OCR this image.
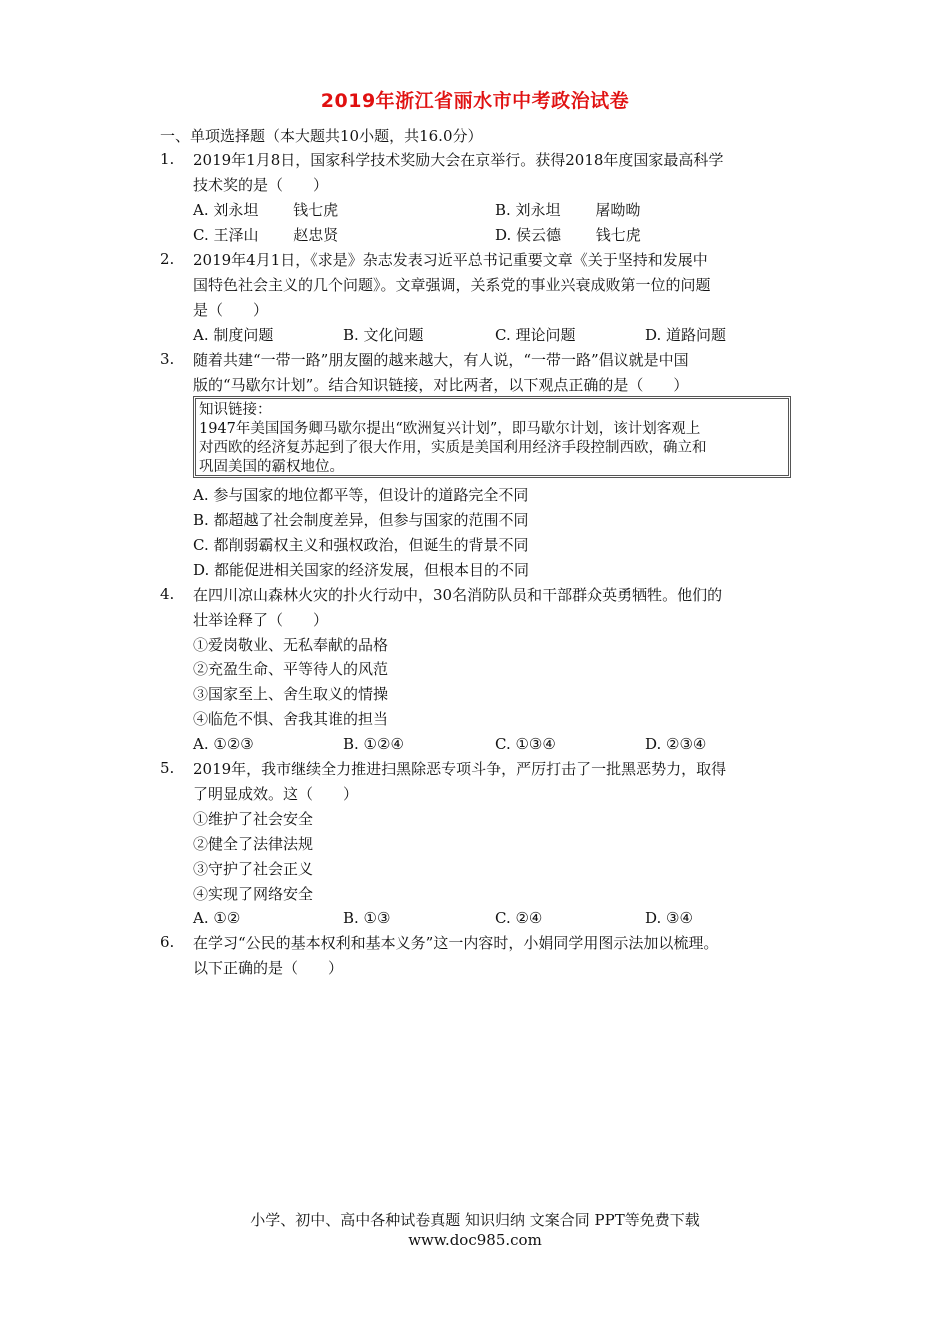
2019年浙江省丽水市中考政治试卷
一、单项选择题（本大题共10小题，共16.0分）
1. 2019年1月8日，国家科学技术奖励大会在京举行。获得2018年度国家最高科学
技术奖的是（　　）
A. 刘永坦　　 钱七虎	B. 刘永坦　　 屠呦呦
C. 王泽山　　 赵忠贤	D. 侯云德　　 钱七虎
2. 2019年4月1日，《求是》杂志发表习近平总书记重要文章《关于坚持和发展中
国特色社会主义的几个问题》。文章强调，关系党的事业兴衰成败第一位的问题
是（　　）
A. 制度问题	B. 文化问题	C. 理论问题	D. 道路问题
3. 随着共建“一带一路”朋友圈的越来越大，有人说，“一带一路”倡议就是中国
版的“马歇尔计划”。结合知识链接，对比两者，以下观点正确的是（　　）
知识链接：
1947年美国国务卿马歇尔提出“欧洲复兴计划”，即马歇尔计划，该计划客观上
对西欧的经济复苏起到了很大作用，实质是美国利用经济手段控制西欧，确立和
巩固美国的霸权地位。
A. 参与国家的地位都平等，但设计的道路完全不同
B. 都超越了社会制度差异，但参与国家的范围不同
C. 都削弱霸权主义和强权政治，但诞生的背景不同
D. 都能促进相关国家的经济发展，但根本目的不同
4. 在四川凉山森林火灾的扑火行动中，30名消防队员和干部群众英勇牺牲。他们的
壮举诠释了（　　）
①爱岗敬业、无私奉献的品格
②充盈生命、平等待人的风范
③国家至上、舍生取义的情操
④临危不惧、舍我其谁的担当
A. ①②③	B. ①②④	C. ①③④	D. ②③④
5. 2019年，我市继续全力推进扫黑除恶专项斗争，严厉打击了一批黑恶势力，取得
了明显成效。这（　　）
①维护了社会安全
②健全了法律法规
③守护了社会正义
④实现了网络安全
A. ①②	B. ①③	C. ②④	D. ③④
6. 在学习“公民的基本权利和基本义务”这一内容时，小娟同学用图示法加以梳理。
以下正确的是（　　）
小学、初中、高中各种试卷真题 知识归纳 文案合同 PPT等免费下载
www.doc985.com
